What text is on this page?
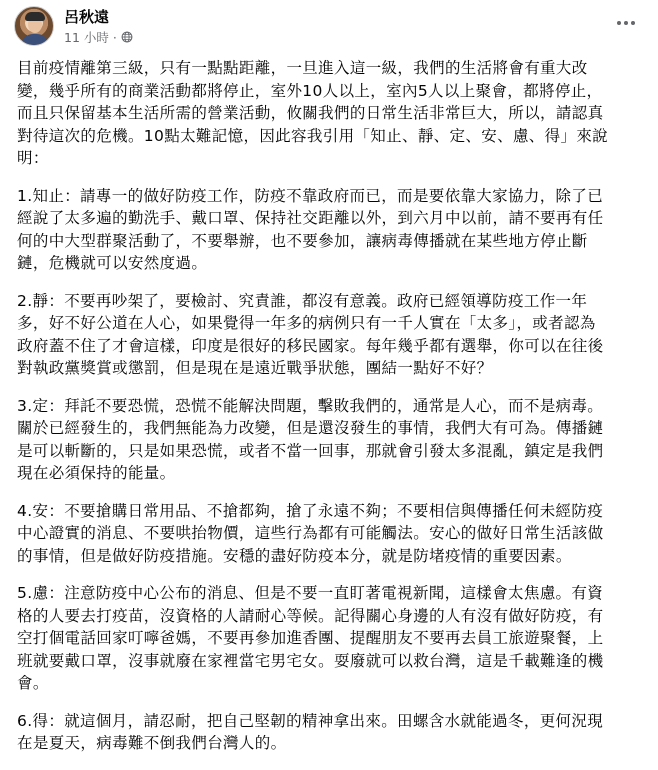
呂秋遠
11 小時 ·

目前疫情離第三級，只有一點點距離，一旦進入這一級，我們的生活將會有重大改
變，幾乎所有的商業活動都將停止，室外10人以上，室內5人以上聚會，都將停止，
而且只保留基本生活所需的營業活動，攸關我們的日常生活非常巨大，所以，請認真
對待這次的危機。10點太難記憶，因此容我引用「知止、靜、定、安、慮、得」來說
明：

1.知止：請專一的做好防疫工作，防疫不靠政府而已，而是要依靠大家協力，除了已
經說了太多遍的勤洗手、戴口罩、保持社交距離以外，到六月中以前，請不要再有任
何的中大型群聚活動了，不要舉辦，也不要參加，讓病毒傳播就在某些地方停止斷
鏈，危機就可以安然度過。

2.靜：不要再吵架了，要檢討、究責誰，都沒有意義。政府已經領導防疫工作一年
多，好不好公道在人心，如果覺得一年多的病例只有一千人實在「太多」，或者認為
政府蓋不住了才會這樣，印度是很好的移民國家。每年幾乎都有選舉，你可以在往後
對執政黨獎賞或懲罰，但是現在是遠近戰爭狀態，團結一點好不好？

3.定：拜託不要恐慌，恐慌不能解決問題，擊敗我們的，通常是人心，而不是病毒。
關於已經發生的，我們無能為力改變，但是還沒發生的事情，我們大有可為。傳播鏈
是可以斬斷的，只是如果恐慌，或者不當一回事，那就會引發太多混亂，鎮定是我們
現在必須保持的能量。

4.安：不要搶購日常用品、不搶都夠，搶了永遠不夠；不要相信與傳播任何未經防疫
中心證實的消息、不要哄抬物價，這些行為都有可能觸法。安心的做好日常生活該做
的事情，但是做好防疫措施。安穩的盡好防疫本分，就是防堵疫情的重要因素。

5.慮：注意防疫中心公布的消息、但是不要一直盯著電視新聞，這樣會太焦慮。有資
格的人要去打疫苗，沒資格的人請耐心等候。記得關心身邊的人有沒有做好防疫，有
空打個電話回家叮嚀爸媽，不要再參加進香團、提醒朋友不要再去員工旅遊聚餐，上
班就要戴口罩，沒事就廢在家裡當宅男宅女。耍廢就可以救台灣，這是千載難逢的機
會。

6.得：就這個月，請忍耐，把自己堅韌的精神拿出來。田螺含水就能過冬，更何況現
在是夏天，病毒難不倒我們台灣人的。
